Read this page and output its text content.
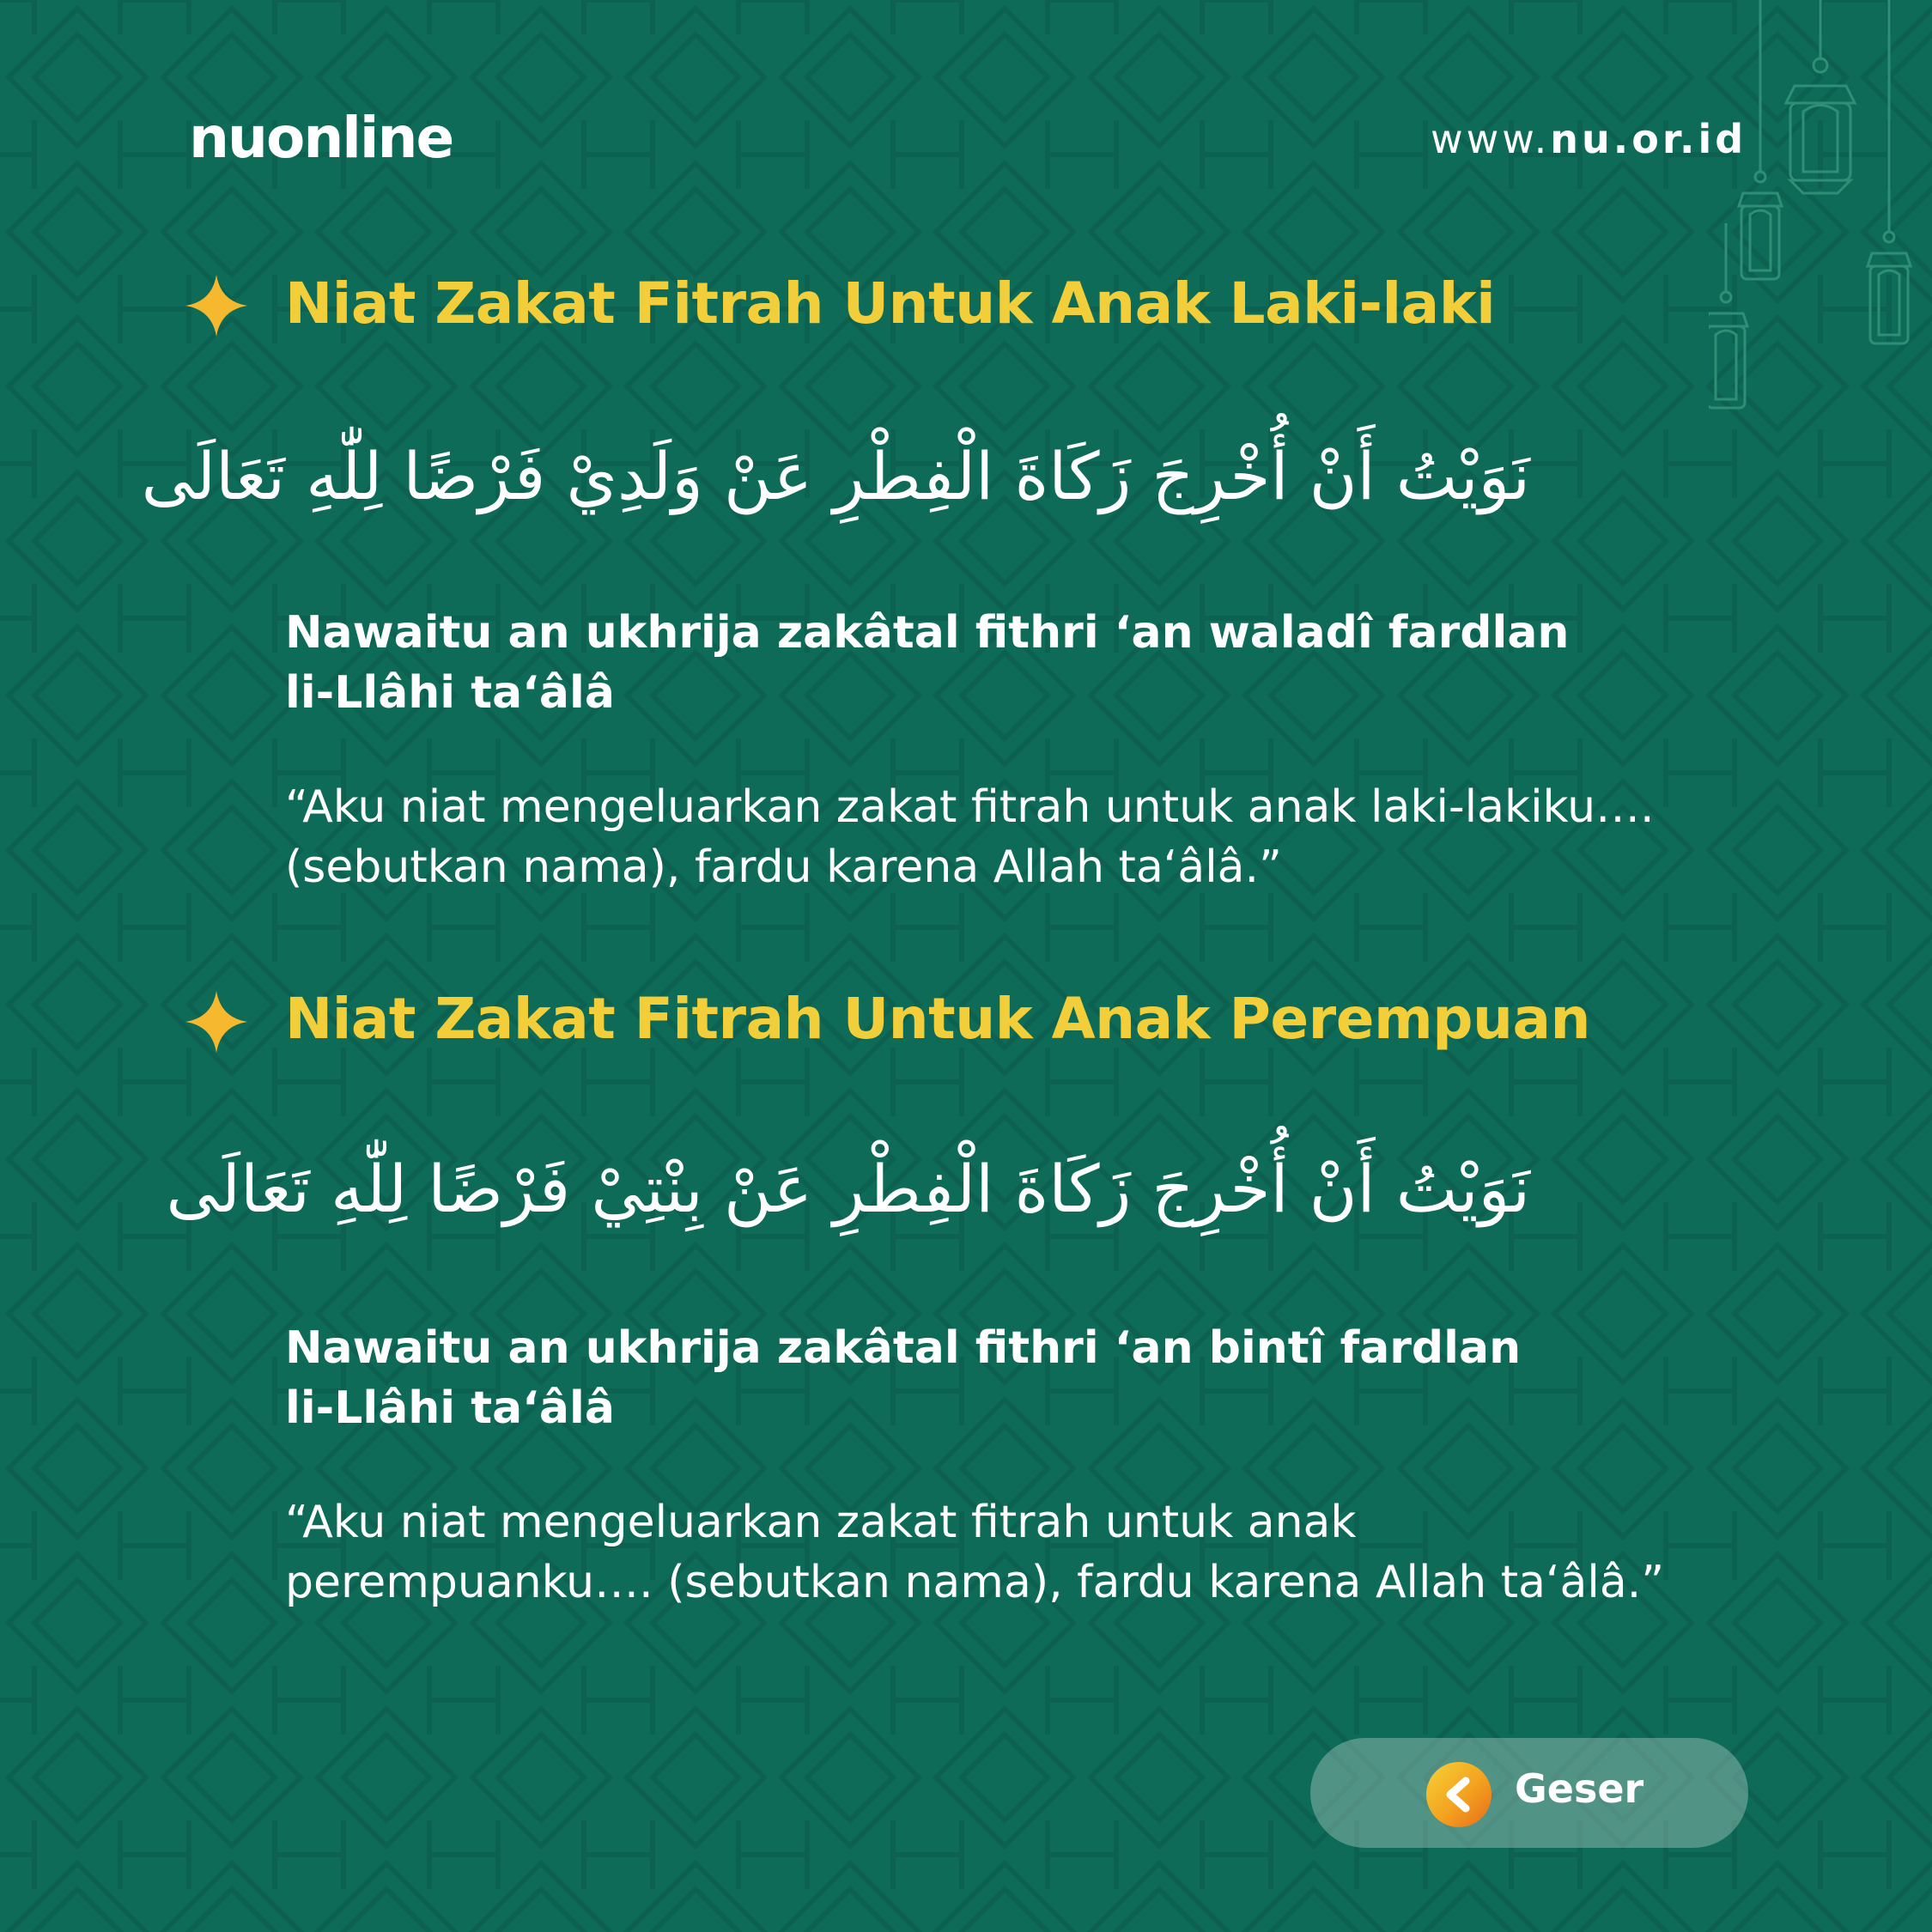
nuonline	www.nu.or.id
Niat Zakat Fitrah Untuk Anak Laki-laki
نَوَيْتُ أَنْ أُخْرِجَ زَكَاةَ الْفِطْرِ عَنْ وَلَدِيْ فَرْضًا لِلّٰهِ تَعَالَى
Nawaitu an ukhrija zakâtal fithri ‘an waladî fardlan
li-Llâhi ta‘âlâ
“Aku niat mengeluarkan zakat fitrah untuk anak laki-lakiku….
(sebutkan nama), fardu karena Allah ta‘âlâ.”
Niat Zakat Fitrah Untuk Anak Perempuan
نَوَيْتُ أَنْ أُخْرِجَ زَكَاةَ الْفِطْرِ عَنْ بِنْتِيْ فَرْضًا لِلّٰهِ تَعَالَى
Nawaitu an ukhrija zakâtal fithri ‘an bintî fardlan
li-Llâhi ta‘âlâ
“Aku niat mengeluarkan zakat fitrah untuk anak
perempuanku…. (sebutkan nama), fardu karena Allah ta‘âlâ.”
Geser
